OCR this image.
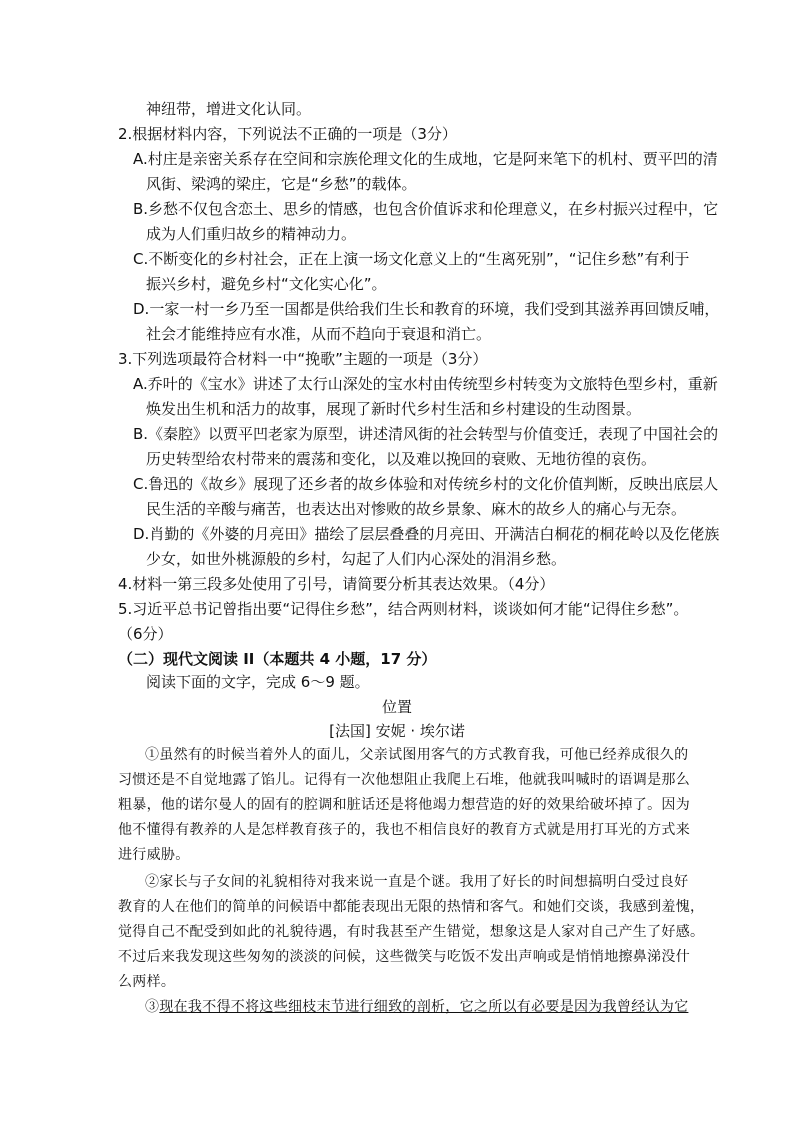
神纽带，增进文化认同。
2.根据材料内容，下列说法不正确的一项是（3分）
A.村庄是亲密关系存在空间和宗族伦理文化的生成地，它是阿来笔下的机村、贾平凹的清
风街、梁鸿的梁庄，它是“乡愁”的载体。
B.乡愁不仅包含恋土、思乡的情感，也包含价值诉求和伦理意义，在乡村振兴过程中，它
成为人们重归故乡的精神动力。
C.不断变化的乡村社会，正在上演一场文化意义上的“生离死别”，“记住乡愁”有利于
振兴乡村，避免乡村“文化实心化”。
D.一家一村一乡乃至一国都是供给我们生长和教育的环境，我们受到其滋养再回馈反哺，
社会才能维持应有水准，从而不趋向于衰退和消亡。
3.下列选项最符合材料一中“挽歌”主题的一项是（3分）
A.乔叶的《宝水》讲述了太行山深处的宝水村由传统型乡村转变为文旅特色型乡村，重新
焕发出生机和活力的故事，展现了新时代乡村生活和乡村建设的生动图景。
B.《秦腔》以贾平凹老家为原型，讲述清风街的社会转型与价值变迁，表现了中国社会的
历史转型给农村带来的震荡和变化，以及难以挽回的衰败、无地彷徨的哀伤。
C.鲁迅的《故乡》展现了还乡者的故乡体验和对传统乡村的文化价值判断，反映出底层人
民生活的辛酸与痛苦，也表达出对惨败的故乡景象、麻木的故乡人的痛心与无奈。
D.肖勤的《外婆的月亮田》描绘了层层叠叠的月亮田、开满洁白桐花的桐花岭以及仡佬族
少女，如世外桃源般的乡村，勾起了人们内心深处的涓涓乡愁。
4.材料一第三段多处使用了引号，请简要分析其表达效果。（4分）
5.习近平总书记曾指出要“记得住乡愁”，结合两则材料，谈谈如何才能“记得住乡愁”。
（6分）
（二）现代文阅读 II（本题共 4 小题，17 分）
阅读下面的文字，完成 6～9 题。
位置
[法国] 安妮 · 埃尔诺
①虽然有的时候当着外人的面儿，父亲试图用客气的方式教育我，可他已经养成很久的
习惯还是不自觉地露了馅儿。记得有一次他想阻止我爬上石堆，他就我叫喊时的语调是那么
粗暴，他的诺尔曼人的固有的腔调和脏话还是将他竭力想营造的好的效果给破坏掉了。因为
他不懂得有教养的人是怎样教育孩子的，我也不相信良好的教育方式就是用打耳光的方式来
进行威胁。
②家长与子女间的礼貌相待对我来说一直是个谜。我用了好长的时间想搞明白受过良好
教育的人在他们的简单的问候语中都能表现出无限的热情和客气。和她们交谈，我感到羞愧，
觉得自己不配受到如此的礼貌待遇，有时我甚至产生错觉，想象这是人家对自己产生了好感。
不过后来我发现这些匆匆的淡淡的问候，这些微笑与吃饭不发出声响或是悄悄地擦鼻涕没什
么两样。
③现在我不得不将这些细枝末节进行细致的剖析，它之所以有必要是因为我曾经认为它
